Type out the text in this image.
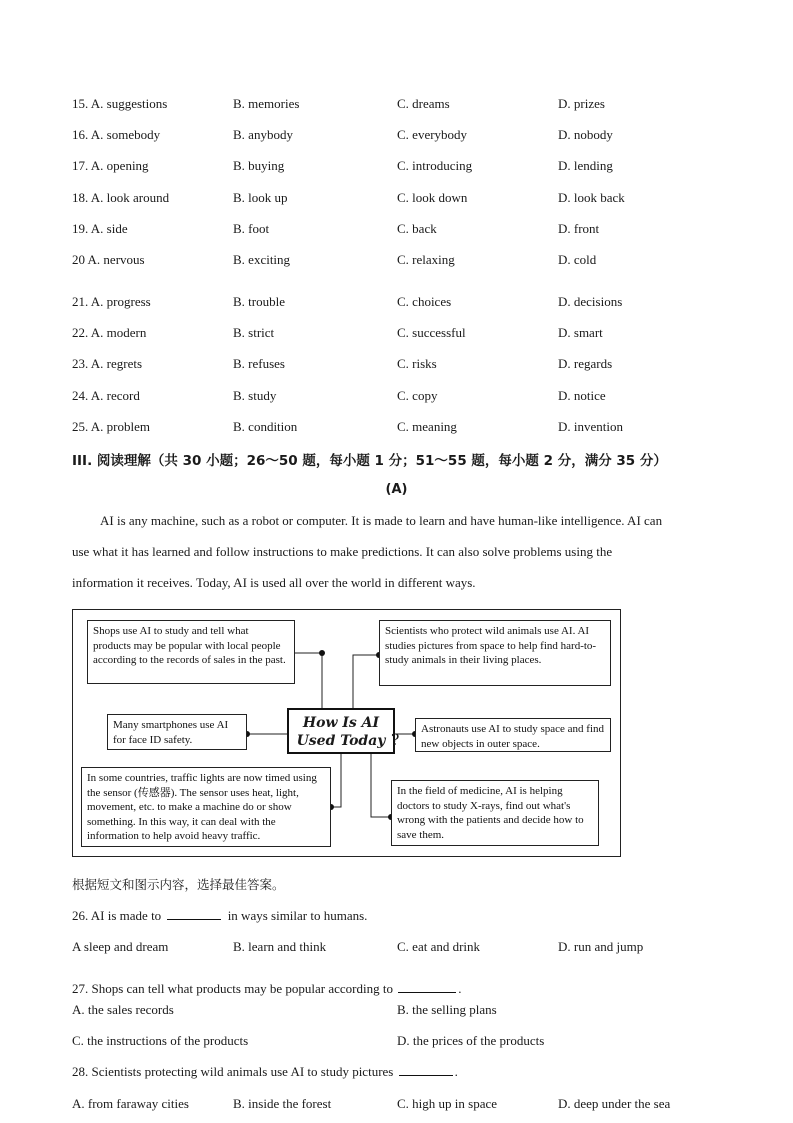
15. A. suggestions	B. memories	C. dreams	D. prizes
16. A. somebody	B. anybody	C. everybody	D. nobody
17. A. opening	B. buying	C. introducing	D. lending
18. A. look around	B. look up	C. look down	D. look back
19. A. side	B. foot	C. back	D. front
20 A. nervous	B. exciting	C. relaxing	D. cold
21. A. progress	B. trouble	C. choices	D. decisions
22. A. modern	B. strict	C. successful	D. smart
23. A. regrets	B. refuses	C. risks	D. regards
24. A. record	B. study	C. copy	D. notice
25. A. problem	B. condition	C. meaning	D. invention
III. 阅读理解（共 30 小题；26～50 题，每小题 1 分；51～55 题，每小题 2 分，满分 35 分）
(A)
AI is any machine, such as a robot or computer. It is made to learn and have human-like intelligence. AI can
use what it has learned and follow instructions to make predictions. It can also solve problems using the
information it receives. Today, AI is used all over the world in different ways.
Shops use AI to study and tell what products may be popular with local people according to the records of sales in the past.
Scientists who protect wild animals use AI. AI studies pictures from space to help find hard-to-study animals in their living places.
Many smartphones use AI for face ID safety.
Astronauts use AI to study space and find new objects in outer space.
In some countries, traffic lights are now timed using the sensor (传感器). The sensor uses heat, light, movement, etc. to make a machine do or show something. In this way, it can deal with the information to help avoid heavy traffic.
In the field of medicine, AI is helping doctors to study X-rays, find out what's wrong with the patients and decide how to save them.
How Is AI
Used Today ?
根据短文和图示内容，选择最佳答案。
26. AI is made to	in ways similar to humans.
A sleep and dream	B. learn and think	C. eat and drink	D. run and jump
27. Shops can tell what products may be popular according to	.
A. the sales records	B. the selling plans
C. the instructions of the products	D. the prices of the products
28. Scientists protecting wild animals use AI to study pictures	.
A. from faraway cities	B. inside the forest	C. high up in space	D. deep under the sea
